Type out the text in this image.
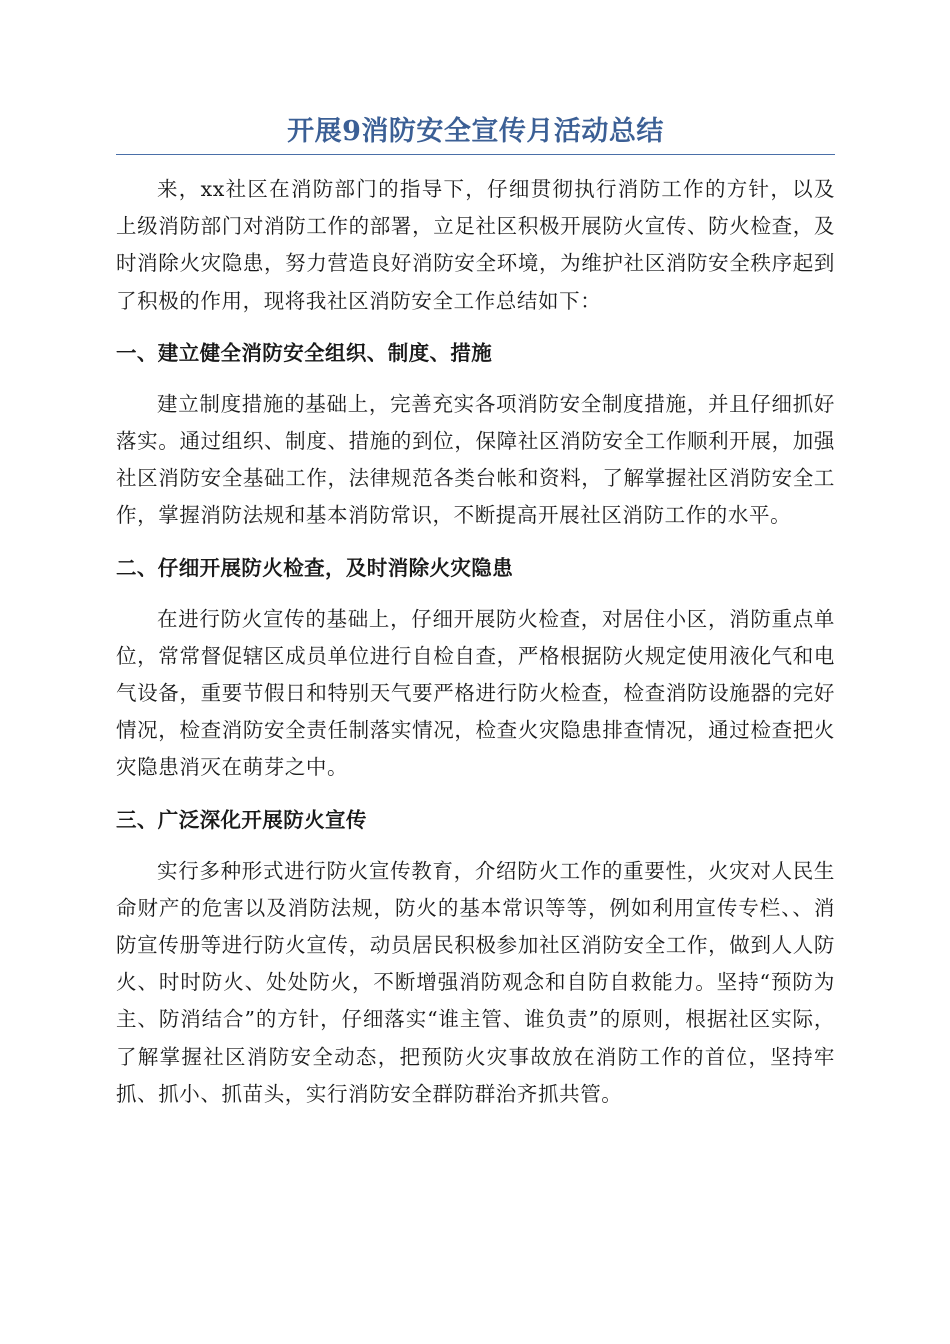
开展9消防安全宣传月活动总结

来，xx社区在消防部门的指导下，仔细贯彻执行消防工作的方针，以及上级消防部门对消防工作的部署，立足社区积极开展防火宣传、防火检查，及时消除火灾隐患，努力营造良好消防安全环境，为维护社区消防安全秩序起到了积极的作用，现将我社区消防安全工作总结如下：

一、建立健全消防安全组织、制度、措施

建立制度措施的基础上，完善充实各项消防安全制度措施，并且仔细抓好落实。通过组织、制度、措施的到位，保障社区消防安全工作顺利开展，加强社区消防安全基础工作，法律规范各类台帐和资料，了解掌握社区消防安全工作，掌握消防法规和基本消防常识，不断提高开展社区消防工作的水平。

二、仔细开展防火检查，及时消除火灾隐患

在进行防火宣传的基础上，仔细开展防火检查，对居住小区，消防重点单位，常常督促辖区成员单位进行自检自查，严格根据防火规定使用液化气和电气设备，重要节假日和特别天气要严格进行防火检查，检查消防设施器的完好情况，检查消防安全责任制落实情况，检查火灾隐患排查情况，通过检查把火灾隐患消灭在萌芽之中。

三、广泛深化开展防火宣传

实行多种形式进行防火宣传教育，介绍防火工作的重要性，火灾对人民生命财产的危害以及消防法规，防火的基本常识等等，例如利用宣传专栏、、消防宣传册等进行防火宣传，动员居民积极参加社区消防安全工作，做到人人防火、时时防火、处处防火，不断增强消防观念和自防自救能力。坚持“预防为主、防消结合”的方针，仔细落实“谁主管、谁负责”的原则，根据社区实际，了解掌握社区消防安全动态，把预防火灾事故放在消防工作的首位，坚持牢抓、抓小、抓苗头，实行消防安全群防群治齐抓共管。
